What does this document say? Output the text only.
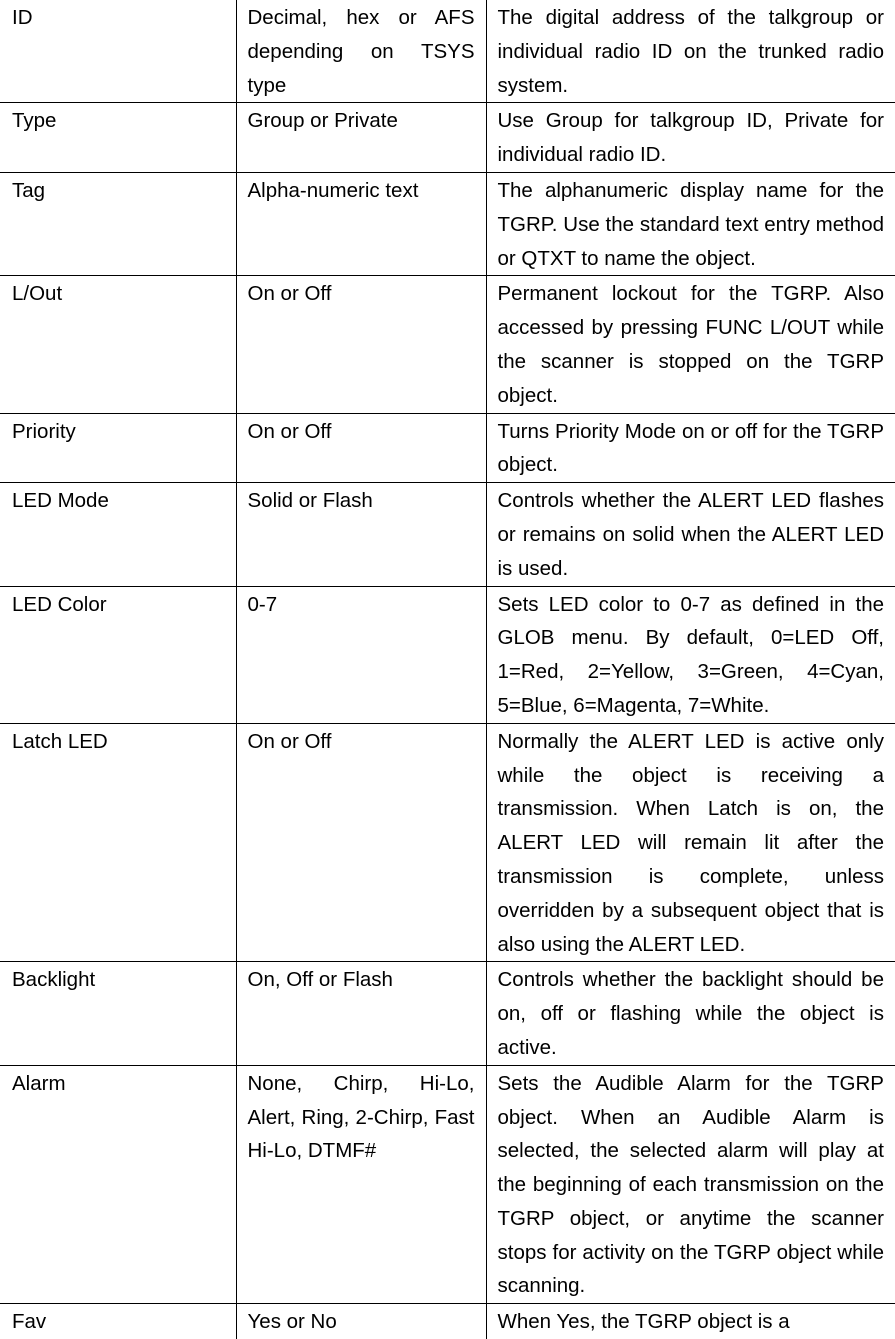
ID	Decimal, hex or AFS depending on TSYS type	The digital address of the talkgroup or individual radio ID on the trunked radio system.

Type	Group or Private	Use Group for talkgroup ID, Private for individual radio ID.

Tag	Alpha-numeric text	The alphanumeric display name for the TGRP. Use the standard text entry method or QTXT to name the object.

L/Out	On or Off	Permanent lockout for the TGRP. Also accessed by pressing FUNC L/OUT while the scanner is stopped on the TGRP object.

Priority	On or Off	Turns Priority Mode on or off for the TGRP object.

LED Mode	Solid or Flash	Controls whether the ALERT LED flashes or remains on solid when the ALERT LED is used.

LED Color	0-7	Sets LED color to 0-7 as defined in the GLOB menu. By default, 0=LED Off, 1=Red, 2=Yellow, 3=Green, 4=Cyan, 5=Blue, 6=Magenta, 7=White.

Latch LED	On or Off	Normally the ALERT LED is active only while the object is receiving a transmission. When Latch is on, the ALERT LED will remain lit after the transmission is complete, unless overridden by a subsequent object that is also using the ALERT LED.

Backlight	On, Off or Flash	Controls whether the backlight should be on, off or flashing while the object is active.

Alarm	None, Chirp, Hi-Lo, Alert, Ring, 2-Chirp, Fast Hi-Lo, DTMF#	Sets the Audible Alarm for the TGRP object. When an Audible Alarm is selected, the selected alarm will play at the beginning of each transmission on the TGRP object, or anytime the scanner stops for activity on the TGRP object while scanning.

Fav	Yes or No	When Yes, the TGRP object is a
